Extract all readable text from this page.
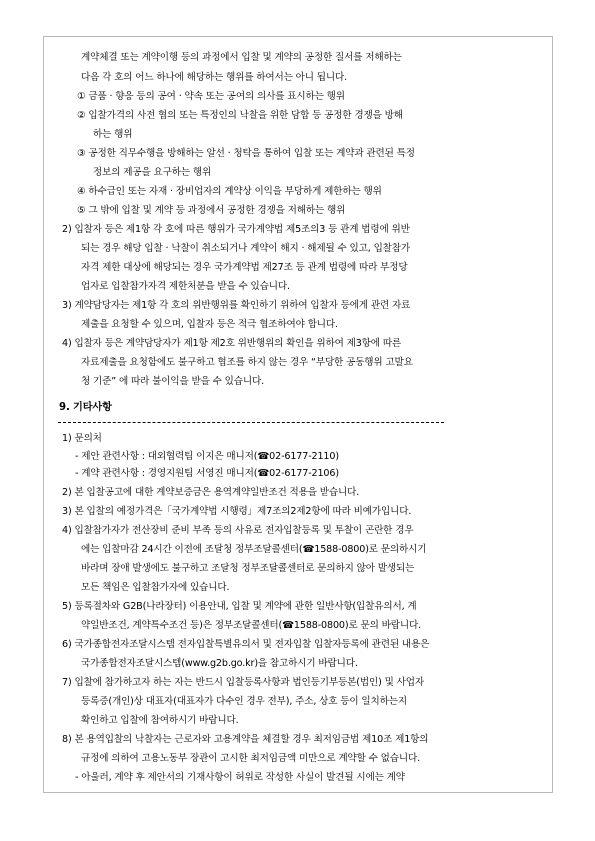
계약체결 또는 계약이행 등의 과정에서 입찰 및 계약의 공정한 질서를 저해하는
다음 각 호의 어느 하나에 해당하는 행위를 하여서는 아니 됩니다.
① 금품 · 향응 등의 공여 · 약속 또는 공여의 의사를 표시하는 행위
② 입찰가격의 사전 협의 또는 특정인의 낙찰을 위한 담합 등 공정한 경쟁을 방해
하는 행위
③ 공정한 직무수행을 방해하는 알선 · 청탁을 통하여 입찰 또는 계약과 관련된 특정
정보의 제공을 요구하는 행위
④ 하수급인 또는 자재 · 장비업자의 계약상 이익을 부당하게 제한하는 행위
⑤ 그 밖에 입찰 및 계약 등 과정에서 공정한 경쟁을 저해하는 행위
2) 입찰자 등은 제1항 각 호에 따른 행위가 국가계약법 제5조의3 등 관계 법령에 위반
되는 경우 해당 입찰 · 낙찰이 취소되거나 계약이 해지 · 해제될 수 있고, 입찰참가
자격 제한 대상에 해당되는 경우 국가계약법 제27조 등 관계 법령에 따라 부정당
업자로 입찰참가자격 제한처분을 받을 수 있습니다.
3) 계약담당자는 제1항 각 호의 위반행위를 확인하기 위하여 입찰자 등에게 관련 자료
제출을 요청할 수 있으며, 입찰자 등은 적극 협조하여야 합니다.
4) 입찰자 등은 계약담당자가 제1항 제2호 위반행위의 확인을 위하여 제3항에 따른
자료제출을 요청함에도 불구하고 협조를 하지 않는 경우 “부당한 공동행위 고발요
청 기준” 에 따라 불이익을 받을 수 있습니다.
9. 기타사항
1) 문의처
- 제안 관련사항 : 대외협력팀 이지은 매니저(☎02-6177-2110)
- 계약 관련사항 : 경영지원팀 서영진 매니저(☎02-6177-2106)
2) 본 입찰공고에 대한 계약보증금은 용역계약일반조건 적용을 받습니다.
3) 본 입찰의 예정가격은「국가계약법 시행령」제7조의2제2항에 따라 비예가입니다.
4) 입찰참가자가 전산장비 준비 부족 등의 사유로 전자입찰등록 및 투찰이 곤란한 경우
에는 입찰마감 24시간 이전에 조달청 정부조달콜센터(☎1588-0800)로 문의하시기
바라며 장애 발생에도 불구하고 조달청 정부조달콜센터로 문의하지 않아 발생되는
모든 책임은 입찰참가자에 있습니다.
5) 등록절차와 G2B(나라장터) 이용안내, 입찰 및 계약에 관한 일반사항(입찰유의서, 계
약일반조건, 계약특수조건 등)은 정부조달콜센터(☎1588-0800)로 문의 바랍니다.
6) 국가종합전자조달시스템 전자입찰특별유의서 및 전자입찰 입찰자등록에 관련된 내용은
국가종합전자조달시스템(www.g2b.go.kr)을 참고하시기 바랍니다.
7) 입찰에 참가하고자 하는 자는 반드시 입찰등록사항과 법인등기부등본(법인) 및 사업자
등록증(개인)상 대표자(대표자가 다수인 경우 전부), 주소, 상호 등이 일치하는지
확인하고 입찰에 참여하시기 바랍니다.
8) 본 용역입찰의 낙찰자는 근로자와 고용계약을 체결할 경우 최저임금법 제10조 제1항의
규정에 의하여 고용노동부 장관이 고시한 최저임금액 미만으로 계약할 수 없습니다.
- 아울러, 계약 후 제안서의 기재사항이 허위로 작성한 사실이 발견될 시에는 계약
